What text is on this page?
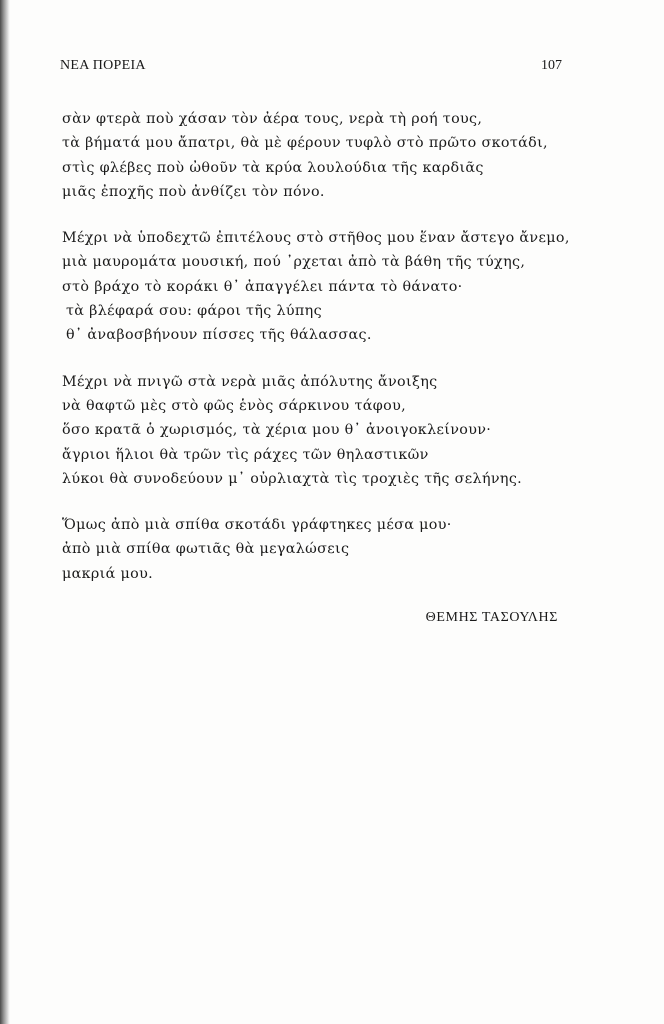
ΝΕΑ ΠΟΡΕΙΑ	107
σὰν φτερὰ ποὺ χάσαν τὸν ἀέρα τους, νερὰ τὴ ροή τους,
τὰ βήματά μου ἄπατρι, θὰ μὲ φέρουν τυφλὸ στὸ πρῶτο σκοτάδι,
στὶς φλέβες ποὺ ὠθοῦν τὰ κρύα λουλούδια τῆς καρδιᾶς
μιᾶς ἐποχῆς ποὺ ἀνθίζει τὸν πόνο.
Μέχρι νὰ ὑποδεχτῶ ἐπιτέλους στὸ στῆθος μου ἕναν ἄστεγο ἄνεμο,
μιὰ μαυρομάτα μουσική, πού ᾽ρχεται ἀπὸ τὰ βάθη τῆς τύχης,
στὸ βράχο τὸ κοράκι θ᾽ ἀπαγγέλει πάντα τὸ θάνατο·
τὰ βλέφαρά σου: φάροι τῆς λύπης
θ᾽ ἀναβοσβήνουν πίσσες τῆς θάλασσας.
Μέχρι νὰ πνιγῶ στὰ νερὰ μιᾶς ἀπόλυτης ἄνοιξης
νὰ θαφτῶ μὲς στὸ φῶς ἑνὸς σάρκινου τάφου,
ὅσο κρατᾶ ὁ χωρισμός, τὰ χέρια μου θ᾽ ἀνοιγοκλείνουν·
ἄγριοι ἥλιοι θὰ τρῶν τὶς ράχες τῶν θηλαστικῶν
λύκοι θὰ συνοδεύουν μ᾽ οὐρλιαχτὰ τὶς τροχιὲς τῆς σελήνης.
Ὅμως ἀπὸ μιὰ σπίθα σκοτάδι γράφτηκες μέσα μου·
ἀπὸ μιὰ σπίθα φωτιᾶς θὰ μεγαλώσεις
μακριά μου.
ΘΕΜΗΣ ΤΑΣΟΥΛΗΣ
